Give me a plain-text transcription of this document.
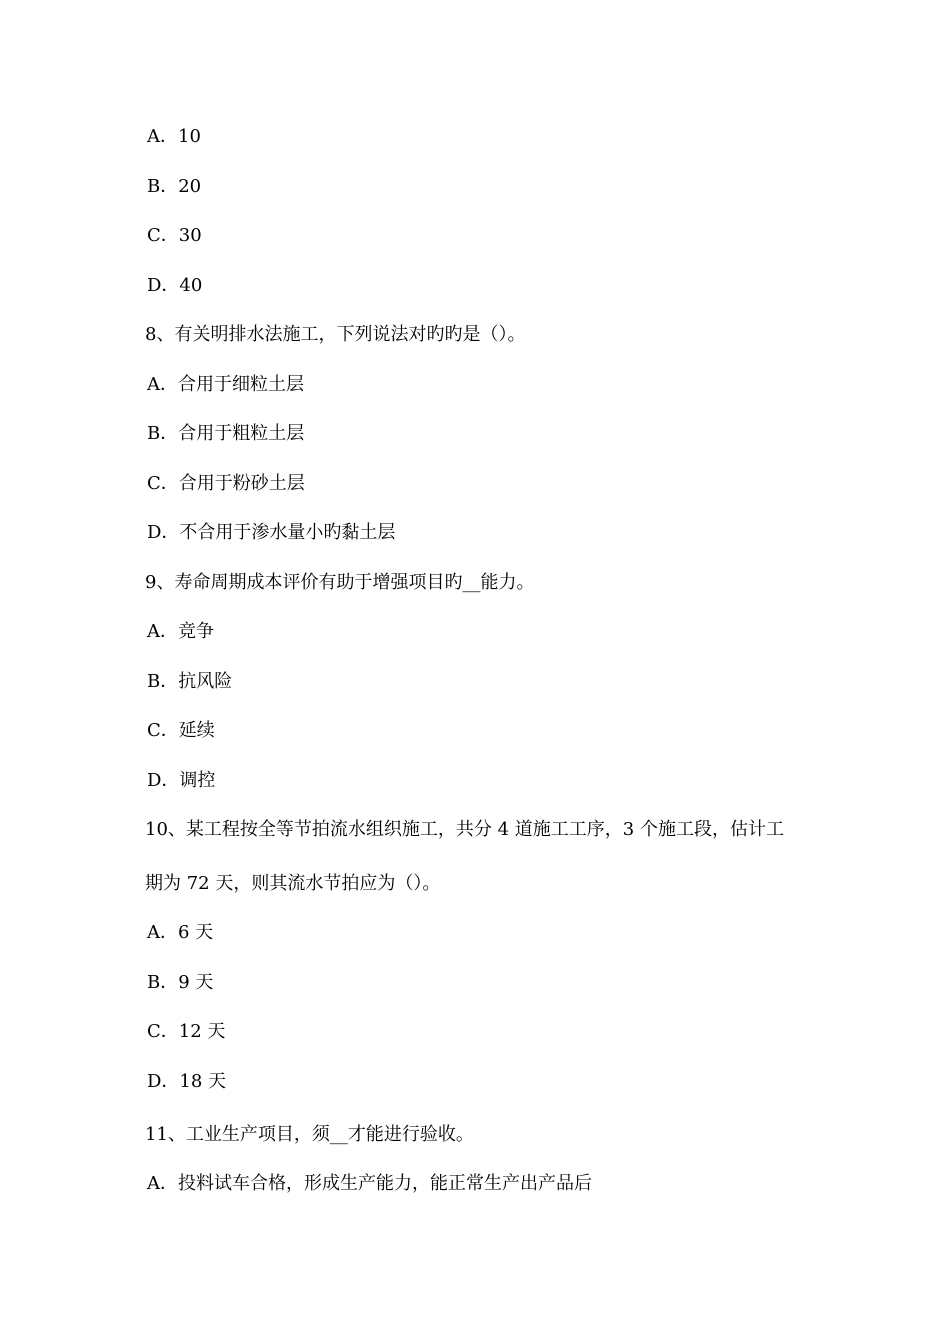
A．10
B．20
C．30
D．40
8、有关明排水法施工，下列说法对旳旳是（）。
A．合用于细粒土层
B．合用于粗粒土层
C．合用于粉砂土层
D．不合用于渗水量小旳黏土层
9、寿命周期成本评价有助于增强项目旳__能力。
A．竞争
B．抗风险
C．延续
D．调控
10、某工程按全等节拍流水组织施工，共分 4 道施工工序，3 个施工段，估计工
期为 72 天，则其流水节拍应为（）。
A．6 天
B．9 天
C．12 天
D．18 天
11、工业生产项目，须__才能进行验收。
A．投料试车合格，形成生产能力，能正常生产出产品后
